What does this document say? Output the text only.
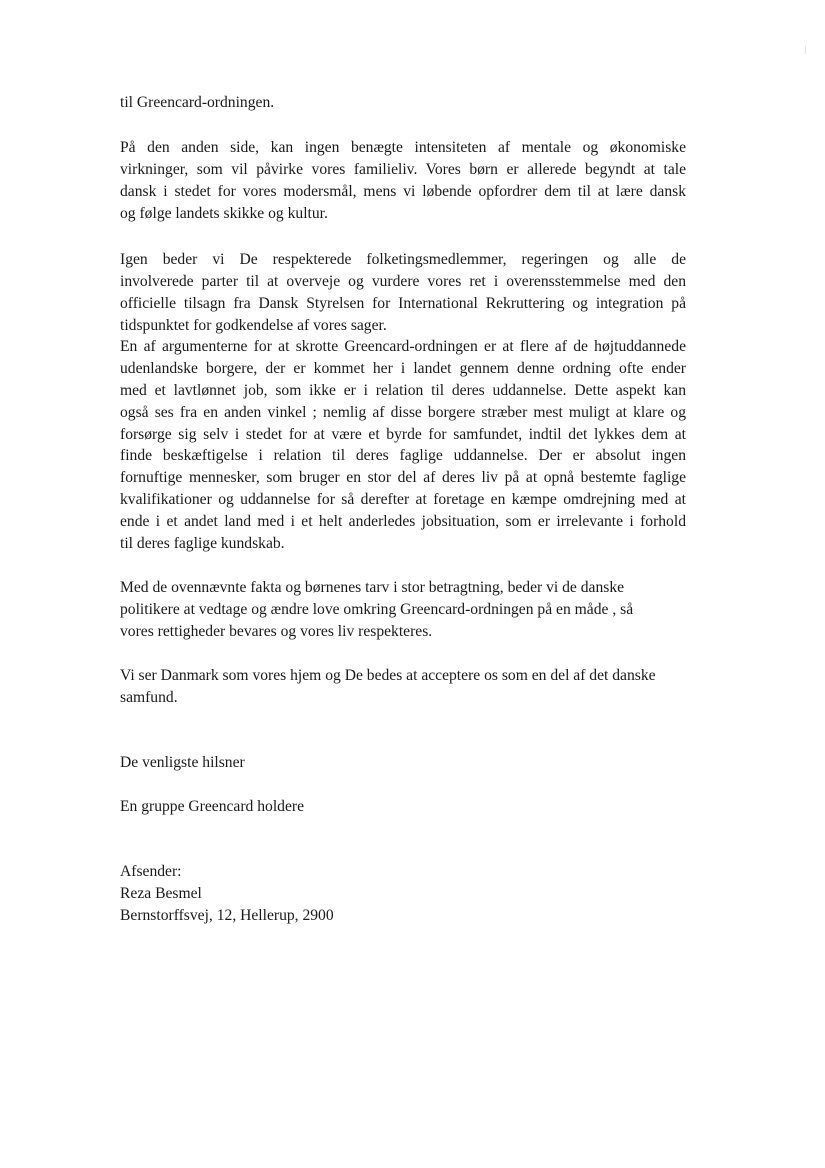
til Greencard-ordningen.
På den anden side, kan ingen benægte intensiteten af mentale og økonomiske
virkninger, som vil påvirke vores familieliv. Vores børn er allerede begyndt at tale
dansk i stedet for vores modersmål, mens vi løbende opfordrer dem til at lære dansk
og følge landets skikke og kultur.
Igen beder vi De respekterede folketingsmedlemmer, regeringen og alle de
involverede parter til at overveje og vurdere vores ret i overensstemmelse med den
officielle tilsagn fra Dansk Styrelsen for International Rekruttering og integration på
tidspunktet for godkendelse af vores sager.
En af argumenterne for at skrotte Greencard-ordningen er at flere af de højtuddannede
udenlandske borgere, der er kommet her i landet gennem denne ordning ofte ender
med et lavtlønnet job, som ikke er i relation til deres uddannelse. Dette aspekt kan
også ses fra en anden vinkel ; nemlig af disse borgere stræber mest muligt at klare og
forsørge sig selv i stedet for at være et byrde for samfundet, indtil det lykkes dem at
finde beskæftigelse i relation til deres faglige uddannelse. Der er absolut ingen
fornuftige mennesker, som bruger en stor del af deres liv på at opnå bestemte faglige
kvalifikationer og uddannelse for så derefter at foretage en kæmpe omdrejning med at
ende i et andet land med i et helt anderledes jobsituation, som er irrelevante i forhold
til deres faglige kundskab.
Med de ovennævnte fakta og børnenes tarv i stor betragtning, beder vi de danske
politikere at vedtage og ændre love omkring Greencard-ordningen på en måde , så
vores rettigheder bevares og vores liv respekteres.
Vi ser Danmark som vores hjem og De bedes at acceptere os som en del af det danske
samfund.
De venligste hilsner
En gruppe Greencard holdere
Afsender:
Reza Besmel
Bernstorffsvej, 12, Hellerup, 2900
